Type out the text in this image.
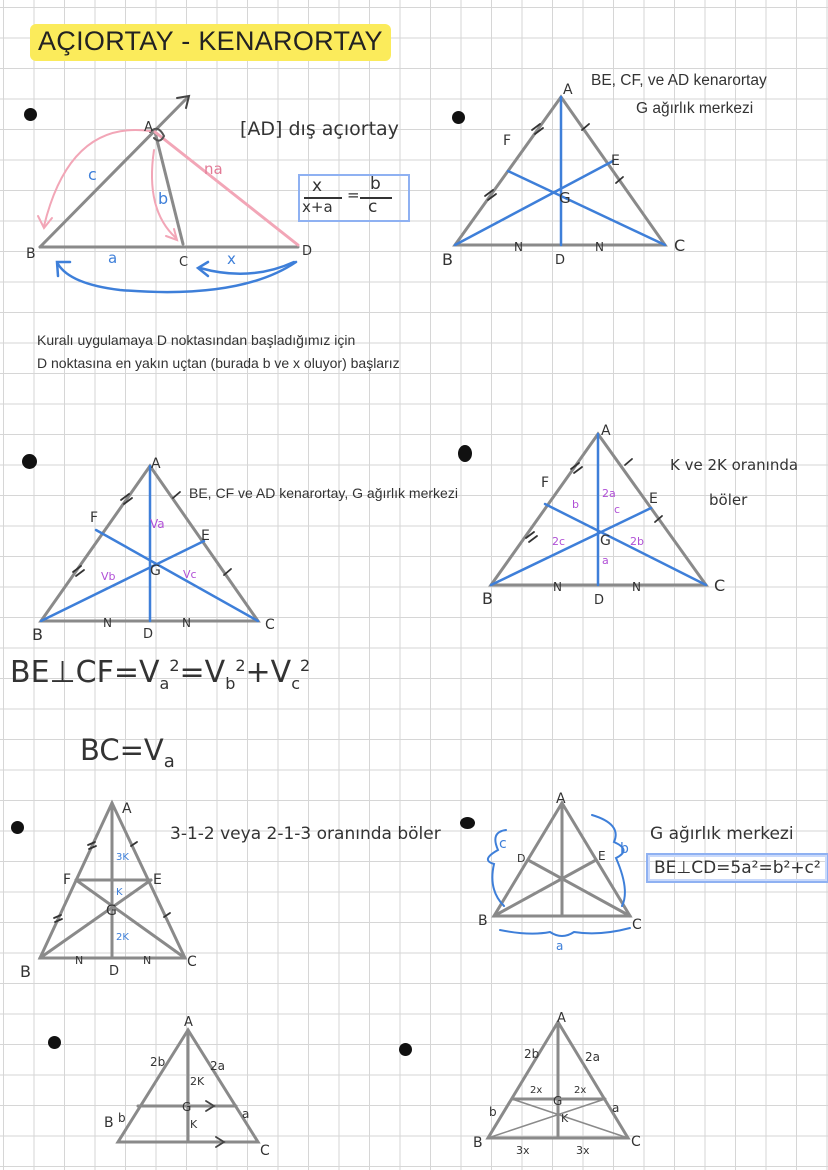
AÇIORTAY - KENARORTAY
A
B
C
D
a	x
c
b
na
[AD] dış açıortay
x
x+a
=
b
c
Kuralı uygulamaya D noktasından başladığımız için
D noktasına en yakın uçtan (burada b ve x oluyor) başlarız
BE, CF, ve AD kenarortay
G ağırlık merkezi
A
B
C
D
E
F
G
N	N
BE, CF ve AD kenarortay, G ağırlık merkezi
A
B	C
D
E
F
G
Va
Vb	Vc
N	N
$BE\perp CF=V_a^2=V_b^2+V_c^2$
$BC=V_a$
K ve 2K oranında
böler
A
B
C
D
E
F
G
2a
a
b
2b
2c
c
N	N
3-1-2 veya 2-1-3 oranında böler
A
B	C
D
E
F
G
3K
K
2K
N	N
G ağırlık merkezi
BE⊥CD=5a²=b²+c²
A
B	C
D	E
a
c	b
A
B
C
2b	2a
2K
G
K
b	a
A
B	C
2b	2a
2x	2x
G
K
b	a
3x	3x
